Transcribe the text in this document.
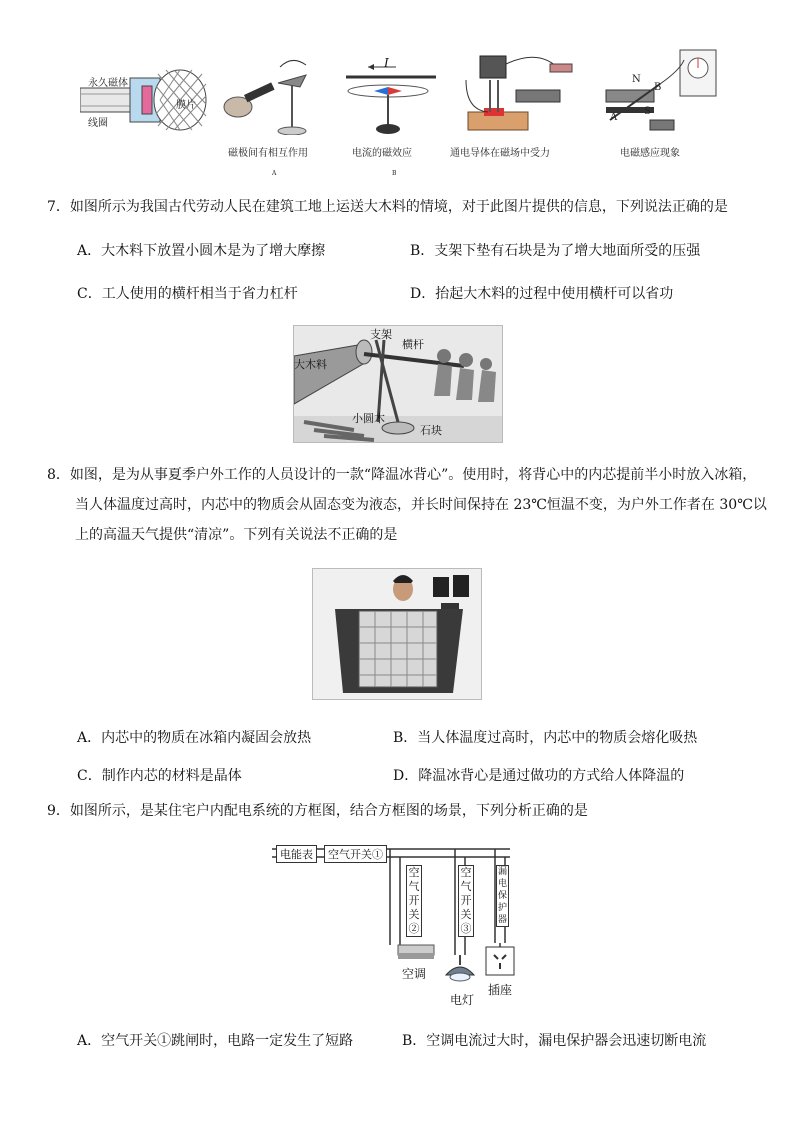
永久磁体
线圈
膜片
I
N
S
A
B
磁极间有相互作用	电流的磁效应	通电导体在磁场中受力	电磁感应现象
A	B
7．如图所示为我国古代劳动人民在建筑工地上运送大木料的情境，对于此图片提供的信息，下列说法正确的是
A．大木料下放置小圆木是为了增大摩擦	B．支架下垫有石块是为了增大地面所受的压强
C．工人使用的横杆相当于省力杠杆	D．抬起大木料的过程中使用横杆可以省功
大木料
支架
横杆
小圆木
石块
8．如图，是为从事夏季户外工作的人员设计的一款“降温冰背心”。使用时，将背心中的内芯提前半小时放入冰箱，
当人体温度过高时，内芯中的物质会从固态变为液态，并长时间保持在 23℃恒温不变，为户外工作者在 30℃以
上的高温天气提供“清凉”。下列有关说法不正确的是
A．内芯中的物质在冰箱内凝固会放热	B．当人体温度过高时，内芯中的物质会熔化吸热
C．制作内芯的材料是晶体	D．降温冰背心是通过做功的方式给人体降温的
9．如图所示，是某住宅户内配电系统的方框图，结合方框图的场景，下列分析正确的是
电能表	空气开关①
空气开关②
空气开关③
漏电保护器
空调
电灯
插座
A．空气开关①跳闸时，电路一定发生了短路	B．空调电流过大时，漏电保护器会迅速切断电流
